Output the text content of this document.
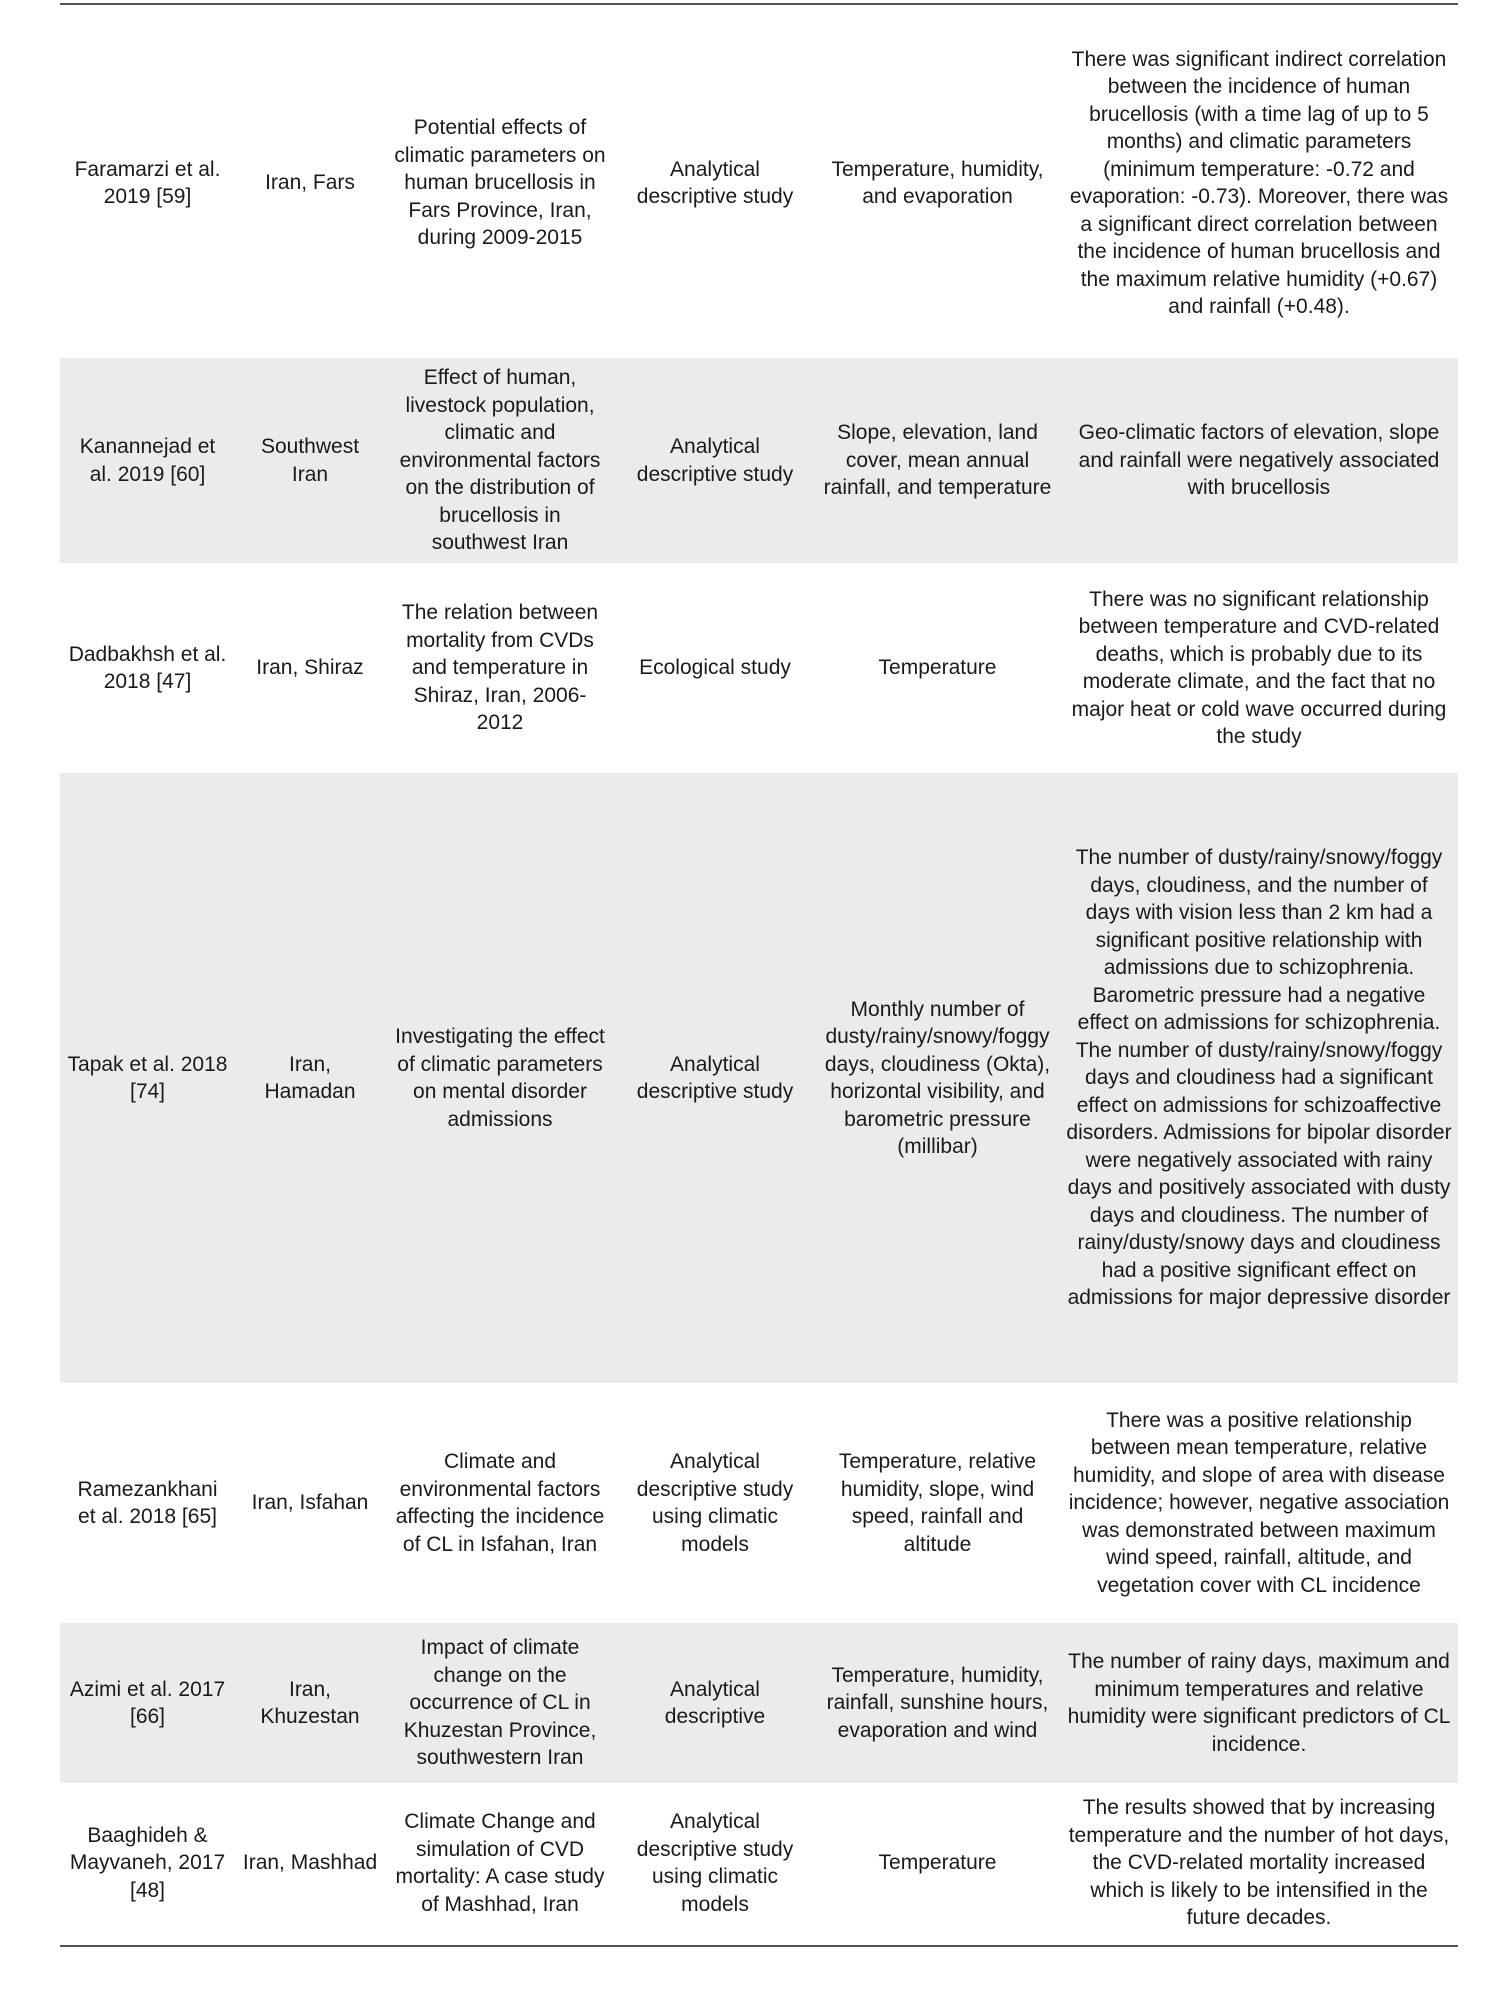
Faramarzi et al. 2019 [59]	Iran, Fars	Potential effects of climatic parameters on human brucellosis in Fars Province, Iran, during 2009-2015	Analytical descriptive study	Temperature, humidity, and evaporation	There was significant indirect correlation between the incidence of human brucellosis (with a time lag of up to 5 months) and climatic parameters (minimum temperature: -0.72 and evaporation: -0.73). Moreover, there was a significant direct correlation between the incidence of human brucellosis and the maximum relative humidity (+0.67) and rainfall (+0.48).
Kanannejad et al. 2019 [60]	Southwest Iran	Effect of human, livestock population, climatic and environmental factors on the distribution of brucellosis in southwest Iran	Analytical descriptive study	Slope, elevation, land cover, mean annual rainfall, and temperature	Geo-climatic factors of elevation, slope and rainfall were negatively associated with brucellosis
Dadbakhsh et al. 2018 [47]	Iran, Shiraz	The relation between mortality from CVDs and temperature in Shiraz, Iran, 2006-2012	Ecological study	Temperature	There was no significant relationship between temperature and CVD-related deaths, which is probably due to its moderate climate, and the fact that no major heat or cold wave occurred during the study
Tapak et al. 2018 [74]	Iran, Hamadan	Investigating the effect of climatic parameters on mental disorder admissions	Analytical descriptive study	Monthly number of dusty/rainy/snowy/foggy days, cloudiness (Okta), horizontal visibility, and barometric pressure (millibar)	The number of dusty/rainy/snowy/foggy days, cloudiness, and the number of days with vision less than 2 km had a significant positive relationship with admissions due to schizophrenia. Barometric pressure had a negative effect on admissions for schizophrenia. The number of dusty/rainy/snowy/foggy days and cloudiness had a significant effect on admissions for schizoaffective disorders. Admissions for bipolar disorder were negatively associated with rainy days and positively associated with dusty days and cloudiness. The number of rainy/dusty/snowy days and cloudiness had a positive significant effect on admissions for major depressive disorder
Ramezankhani et al. 2018 [65]	Iran, Isfahan	Climate and environmental factors affecting the incidence of CL in Isfahan, Iran	Analytical descriptive study using climatic models	Temperature, relative humidity, slope, wind speed, rainfall and altitude	There was a positive relationship between mean temperature, relative humidity, and slope of area with disease incidence; however, negative association was demonstrated between maximum wind speed, rainfall, altitude, and vegetation cover with CL incidence
Azimi et al. 2017 [66]	Iran, Khuzestan	Impact of climate change on the occurrence of CL in Khuzestan Province, southwestern Iran	Analytical descriptive	Temperature, humidity, rainfall, sunshine hours, evaporation and wind	The number of rainy days, maximum and minimum temperatures and relative humidity were significant predictors of CL incidence.
Baaghideh & Mayvaneh, 2017 [48]	Iran, Mashhad	Climate Change and simulation of CVD mortality: A case study of Mashhad, Iran	Analytical descriptive study using climatic models	Temperature	The results showed that by increasing temperature and the number of hot days, the CVD-related mortality increased which is likely to be intensified in the future decades.
